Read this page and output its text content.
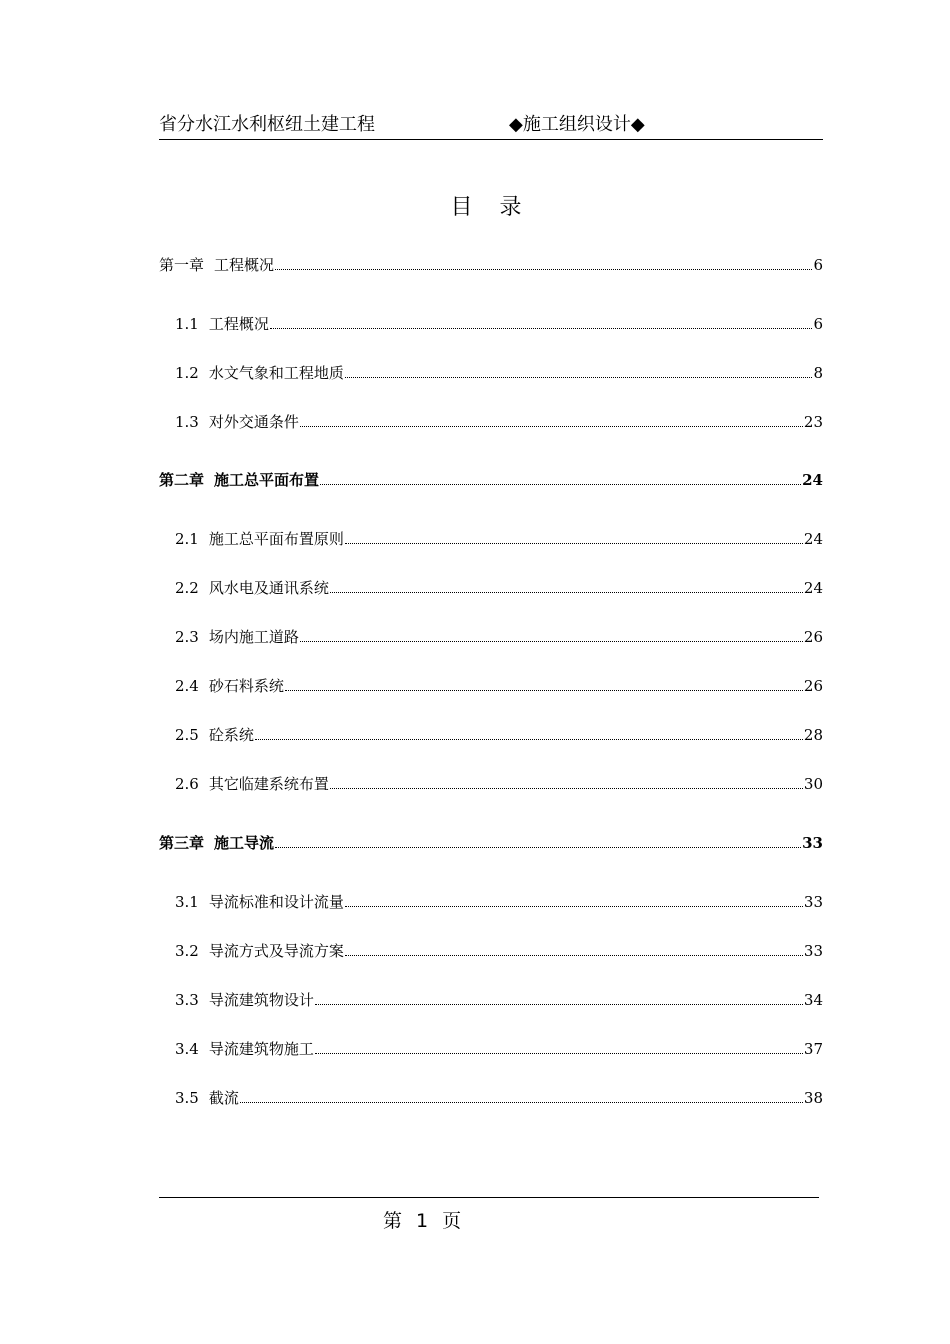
省分水江水利枢纽土建工程	◆施工组织设计◆
目 录
第一章 工程概况	6
1.1 工程概况	6
1.2 水文气象和工程地质	8
1.3 对外交通条件	23
第二章 施工总平面布置	24
2.1 施工总平面布置原则	24
2.2 风水电及通讯系统	24
2.3 场内施工道路	26
2.4 砂石料系统	26
2.5 砼系统	28
2.6 其它临建系统布置	30
第三章 施工导流	33
3.1 导流标准和设计流量	33
3.2 导流方式及导流方案	33
3.3 导流建筑物设计	34
3.4 导流建筑物施工	37
3.5 截流	38
第 1 页
